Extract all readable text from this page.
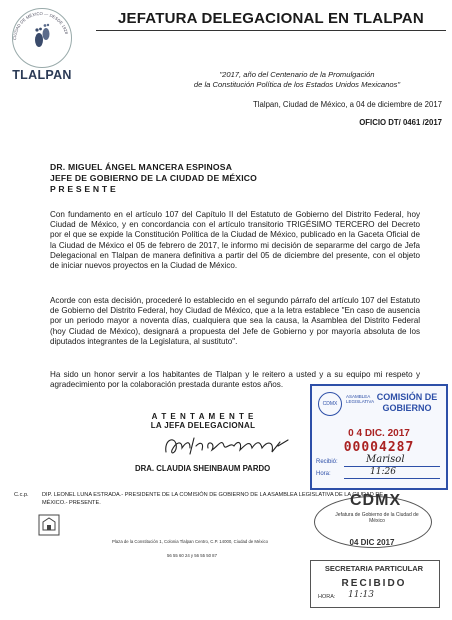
CIUDAD DE MÉXICO — DESDE 1928
TLALPAN
JEFATURA DELEGACIONAL EN TLALPAN
"2017, año del Centenario de la Promulgación
de la Constitución Política de los Estados Unidos Mexicanos"
Tlalpan, Ciudad de México, a 04 de diciembre de 2017
OFICIO DT/ 0461 /2017
DR. MIGUEL ÁNGEL MANCERA ESPINOSA
JEFE DE GOBIERNO DE LA CIUDAD DE MÉXICO
P R E S E N T E
Con fundamento en el artículo 107 del Capítulo II del Estatuto de Gobierno del Distrito Federal, hoy Ciudad de México, y en concordancia con el artículo transitorio TRIGÉSIMO TERCERO del Decreto por el que se expide la Constitución Política de la Ciudad de México, publicado en la Gaceta Oficial de la Ciudad de México el 05 de febrero de 2017, le informo mi decisión de separarme del cargo de Jefa Delegacional en Tlalpan de manera definitiva a partir del 05 de diciembre del presente, con el objeto de iniciar nuevos proyectos en la Ciudad de México.
Acorde con esta decisión, procederé lo establecido en el segundo párrafo del artículo 107 del Estatuto de Gobierno del Distrito Federal, hoy Ciudad de México, que a la letra establece "En caso de ausencia por un periodo mayor a noventa días, cualquiera que sea la causa, la Asamblea del Distrito Federal (hoy Ciudad de México), designará a propuesta del Jefe de Gobierno y por mayoría absoluta de los diputados integrantes de la Legislatura, al sustituto".
Ha sido un honor servir a los habitantes de Tlalpan y le reitero a usted y a su equipo mi respeto y agradecimiento por la colaboración prestada durante estos años.
A T E N T A M E N T E
LA JEFA DELEGACIONAL
Claudia Sheinbaum
DRA. CLAUDIA SHEINBAUM PARDO
C.c.p. DIP. LEONEL LUNA ESTRADA.- PRESIDENTE DE LA COMISIÓN DE GOBIERNO DE LA ASAMBLEA LEGISLATIVA DE LA CIUDAD DE MÉXICO.- PRESENTE.
Plaza de la Constitución 1, Colonia Tlalpan Centro, C.P. 14000, Ciudad de México
56 55 60 24 y 56 55 50 87
CDMX
ASAMBLEA LEGISLATIVA COMISIÓN DE GOBIERNO
0 4 DIC. 2017
00004287
Recibió:	Marisol
Hora:	11:26
CDMX
Jefatura de Gobierno de la Ciudad de México
04 DIC 2017
SECRETARIA PARTICULAR
RECIBIDO
HORA: 11:13
